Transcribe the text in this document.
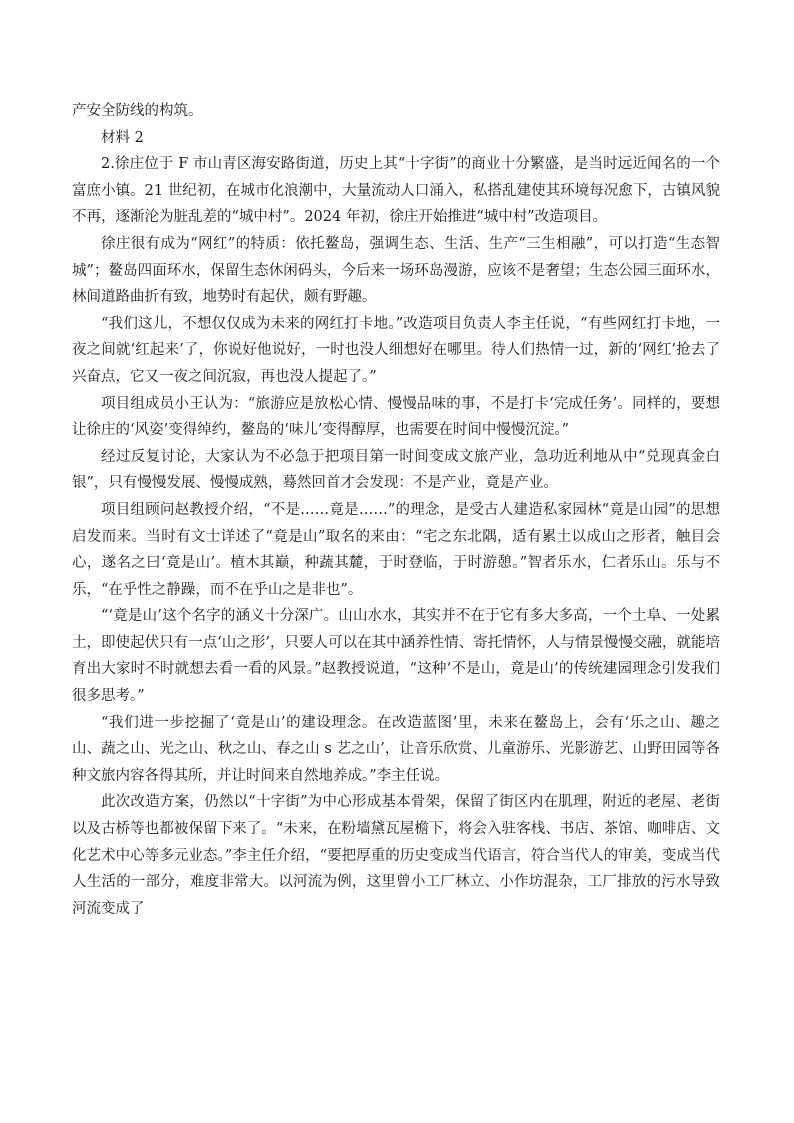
产安全防线的构筑。

材料 2

2.徐庄位于 F 市山青区海安路街道，历史上其“十字街”的商业十分繁盛，是当时远近闻名的一个富庶小镇。21 世纪初，在城市化浪潮中，大量流动人口涌入，私搭乱建使其环境每况愈下，古镇风貌不再，逐渐沦为脏乱差的“城中村”。2024 年初，徐庄开始推进“城中村”改造项目。

徐庄很有成为“网红”的特质：依托鳌岛，强调生态、生活、生产“三生相融”，可以打造“生态智城”；鳌岛四面环水，保留生态休闲码头，今后来一场环岛漫游，应该不是奢望；生态公园三面环水，林间道路曲折有致，地势时有起伏，颇有野趣。

“我们这儿，不想仅仅成为未来的网红打卡地。”改造项目负责人李主任说，“有些网红打卡地，一夜之间就‘红起来’了，你说好他说好，一时也没人细想好在哪里。待人们热情一过，新的‘网红’抢去了兴奋点，它又一夜之间沉寂，再也没人提起了。”

项目组成员小王认为：“旅游应是放松心情、慢慢品味的事，不是打卡‘完成任务’。同样的，要想让徐庄的‘风姿’变得绰约，鳌岛的‘味儿’变得醇厚，也需要在时间中慢慢沉淀。”

经过反复讨论，大家认为不必急于把项目第一时间变成文旅产业，急功近利地从中“兑现真金白银”，只有慢慢发展、慢慢成熟，蓦然回首才会发现：不是产业，竟是产业。

项目组顾问赵教授介绍，“不是……竟是……”的理念，是受古人建造私家园林“竟是山园”的思想启发而来。当时有文士详述了“竟是山”取名的来由：“宅之东北隅，适有累土以成山之形者，触目会心，遂名之曰‘竟是山’。植木其巅，种蔬其麓，于时登临，于时游憩。”智者乐水，仁者乐山。乐与不乐，“在乎性之静躁，而不在乎山之是非也”。

“‘竟是山’这个名字的涵义十分深广。山山水水，其实并不在于它有多大多高，一个土阜、一处累土，即使起伏只有一点‘山之形’，只要人可以在其中涵养性情、寄托情怀，人与情景慢慢交融，就能培育出大家时不时就想去看一看的风景。”赵教授说道，“这种‘不是山，竟是山’的传统建园理念引发我们很多思考。”

“我们进一步挖掘了‘竟是山’的建设理念。在改造蓝图’里，未来在鳌岛上，会有‘乐之山、趣之山、蔬之山、光之山、秋之山、春之山 s 艺之山’，让音乐欣赏、儿童游乐、光影游艺、山野田园等各种文旅内容各得其所，并让时间来自然地养成。”李主任说。

此次改造方案，仍然以“十字街”为中心形成基本骨架，保留了街区内在肌理，附近的老屋、老街以及古桥等也都被保留下来了。“未来，在粉墙黛瓦屋檐下，将会入驻客栈、书店、茶馆、咖啡店、文化艺术中心等多元业态。”李主任介绍，“要把厚重的历史变成当代语言，符合当代人的审美，变成当代人生活的一部分，难度非常大。以河流为例，这里曾小工厂林立、小作坊混杂，工厂排放的污水导致河流变成了
